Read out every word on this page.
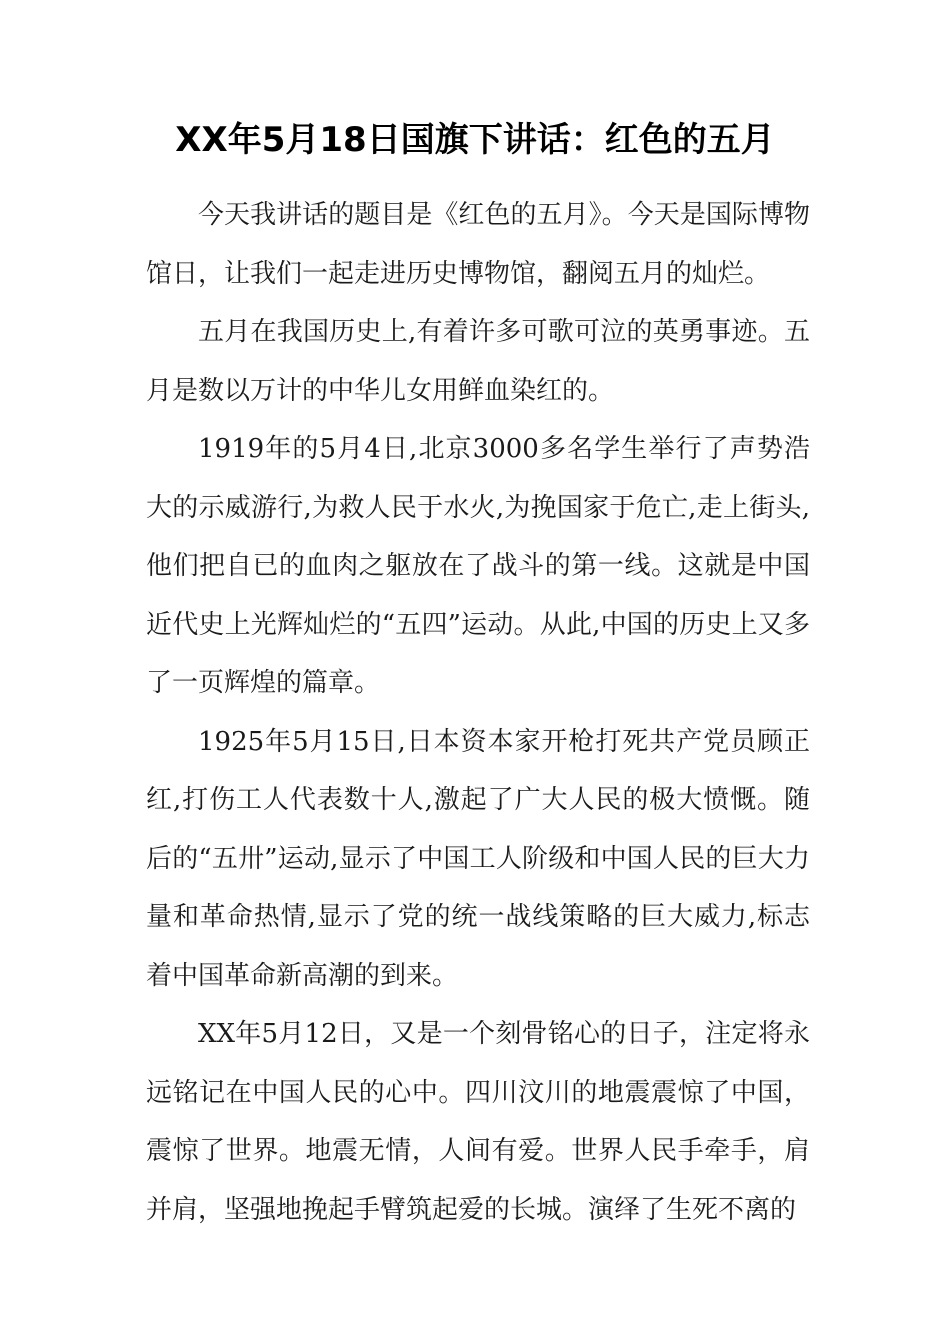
XX年5月18日国旗下讲话：红色的五月

今天我讲话的题目是《红色的五月》。今天是国际博物馆日，让我们一起走进历史博物馆，翻阅五月的灿烂。

五月在我国历史上,有着许多可歌可泣的英勇事迹。五月是数以万计的中华儿女用鲜血染红的。

1919年的5月4日,北京3000多名学生举行了声势浩大的示威游行,为救人民于水火,为挽国家于危亡,走上街头,他们把自已的血肉之躯放在了战斗的第一线。这就是中国近代史上光辉灿烂的“五四”运动。从此,中国的历史上又多了一页辉煌的篇章。

1925年5月15日,日本资本家开枪打死共产党员顾正红,打伤工人代表数十人,激起了广大人民的极大愤慨。随后的“五卅”运动,显示了中国工人阶级和中国人民的巨大力量和革命热情,显示了党的统一战线策略的巨大威力,标志着中国革命新高潮的到来。

XX年5月12日，又是一个刻骨铭心的日子，注定将永远铭记在中国人民的心中。四川汶川的地震震惊了中国，震惊了世界。地震无情，人间有爱。世界人民手牵手，肩并肩，坚强地挽起手臂筑起爱的长城。演绎了生死不离的
